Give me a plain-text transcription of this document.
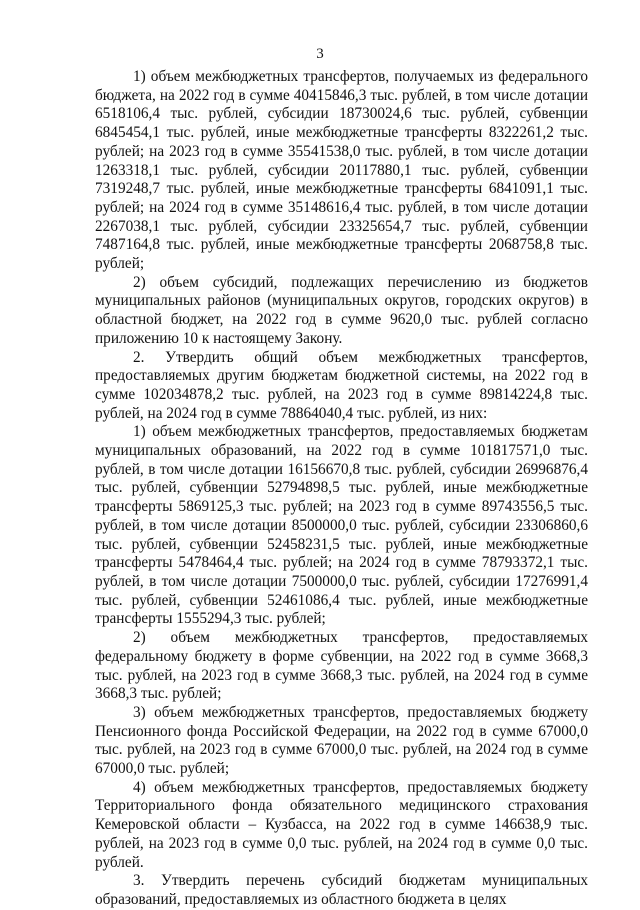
3

1) объем межбюджетных трансфертов, получаемых из федерального бюджета, на 2022 год в сумме 40415846,3 тыс. рублей, в том числе дотации 6518106,4 тыс. рублей, субсидии 18730024,6 тыс. рублей, субвенции 6845454,1 тыс. рублей, иные межбюджетные трансферты 8322261,2 тыс. рублей; на 2023 год в сумме 35541538,0 тыс. рублей, в том числе дотации 1263318,1 тыс. рублей, субсидии 20117880,1 тыс. рублей, субвенции 7319248,7 тыс. рублей, иные межбюджетные трансферты 6841091,1 тыс. рублей; на 2024 год в сумме 35148616,4 тыс. рублей, в том числе дотации 2267038,1 тыс. рублей, субсидии 23325654,7 тыс. рублей, субвенции 7487164,8 тыс. рублей, иные межбюджетные трансферты 2068758,8 тыс. рублей;

2) объем субсидий, подлежащих перечислению из бюджетов муниципальных районов (муниципальных округов, городских округов) в областной бюджет, на 2022 год в сумме 9620,0 тыс. рублей согласно приложению 10 к настоящему Закону.

2. Утвердить общий объем межбюджетных трансфертов, предоставляемых другим бюджетам бюджетной системы, на 2022 год в сумме 102034878,2 тыс. рублей, на 2023 год в сумме 89814224,8 тыс. рублей, на 2024 год в сумме 78864040,4 тыс. рублей, из них:

1) объем межбюджетных трансфертов, предоставляемых бюджетам муниципальных образований, на 2022 год в сумме 101817571,0 тыс. рублей, в том числе дотации 16156670,8 тыс. рублей, субсидии 26996876,4 тыс. рублей, субвенции 52794898,5 тыс. рублей, иные межбюджетные трансферты 5869125,3 тыс. рублей; на 2023 год в сумме 89743556,5 тыс. рублей, в том числе дотации 8500000,0 тыс. рублей, субсидии 23306860,6 тыс. рублей, субвенции 52458231,5 тыс. рублей, иные межбюджетные трансферты 5478464,4 тыс. рублей; на 2024 год в сумме 78793372,1 тыс. рублей, в том числе дотации 7500000,0 тыс. рублей, субсидии 17276991,4 тыс. рублей, субвенции 52461086,4 тыс. рублей, иные межбюджетные трансферты 1555294,3 тыс. рублей;

2) объем межбюджетных трансфертов, предоставляемых федеральному бюджету в форме субвенции, на 2022 год в сумме 3668,3 тыс. рублей, на 2023 год в сумме 3668,3 тыс. рублей, на 2024 год в сумме 3668,3 тыс. рублей;

3) объем межбюджетных трансфертов, предоставляемых бюджету Пенсионного фонда Российской Федерации, на 2022 год в сумме 67000,0 тыс. рублей, на 2023 год в сумме 67000,0 тыс. рублей, на 2024 год в сумме 67000,0 тыс. рублей;

4) объем межбюджетных трансфертов, предоставляемых бюджету Территориального фонда обязательного медицинского страхования Кемеровской области – Кузбасса, на 2022 год в сумме 146638,9 тыс. рублей, на 2023 год в сумме 0,0 тыс. рублей, на 2024 год в сумме 0,0 тыс. рублей.

3. Утвердить перечень субсидий бюджетам муниципальных образований, предоставляемых из областного бюджета в целях
